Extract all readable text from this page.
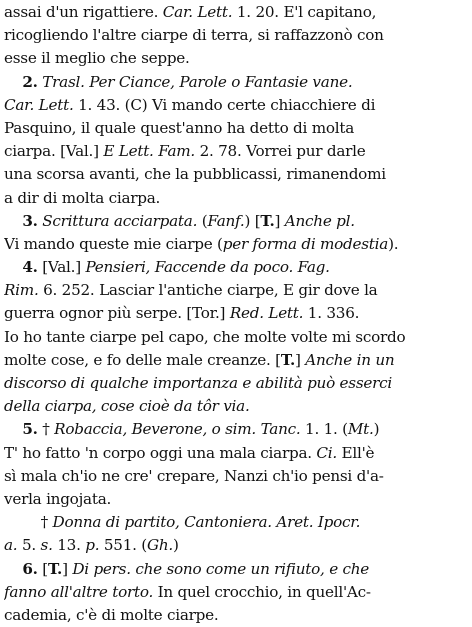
assai d'un rigattiere. Car. Lett. 1. 20. E'l capitano,
ricogliendo l'altre ciarpe di terra, si raffazzonò con
esse il meglio che seppe.
2. Trasl. Per Ciance, Parole o Fantasie vane.
Car. Lett. 1. 43. (C) Vi mando certe chiacchiere di
Pasquino, il quale quest'anno ha detto di molta
ciarpa. [Val.] E Lett. Fam. 2. 78. Vorrei pur darle
una scorsa avanti, che la pubblicassi, rimanendomi
a dir di molta ciarpa.
3. Scrittura acciarpata. (Fanf.) [T.] Anche pl.
Vi mando queste mie ciarpe (per forma di modestia).
4. [Val.] Pensieri, Faccende da poco. Fag.
Rim. 6. 252. Lasciar l'antiche ciarpe, E gir dove la
guerra ognor più serpe. [Tor.] Red. Lett. 1. 336.
Io ho tante ciarpe pel capo, che molte volte mi scordo
molte cose, e fo delle male creanze. [T.] Anche in un
discorso di qualche importanza e abilità può esserci
della ciarpa, cose cioè da tôr via.
5. † Robaccia, Beverone, o sim. Tanc. 1. 1. (Mt.)
T' ho fatto 'n corpo oggi una mala ciarpa. Ci. Ell'è
sì mala ch'io ne cre' crepare, Nanzi ch'io pensi d'a-
verla ingojata.
† Donna di partito, Cantoniera. Aret. Ipocr.
a. 5. s. 13. p. 551. (Gh.)
6. [T.] Di pers. che sono come un rifiuto, e che
fanno all'altre torto. In quel crocchio, in quell'Ac-
cademia, c'è di molte ciarpe.
